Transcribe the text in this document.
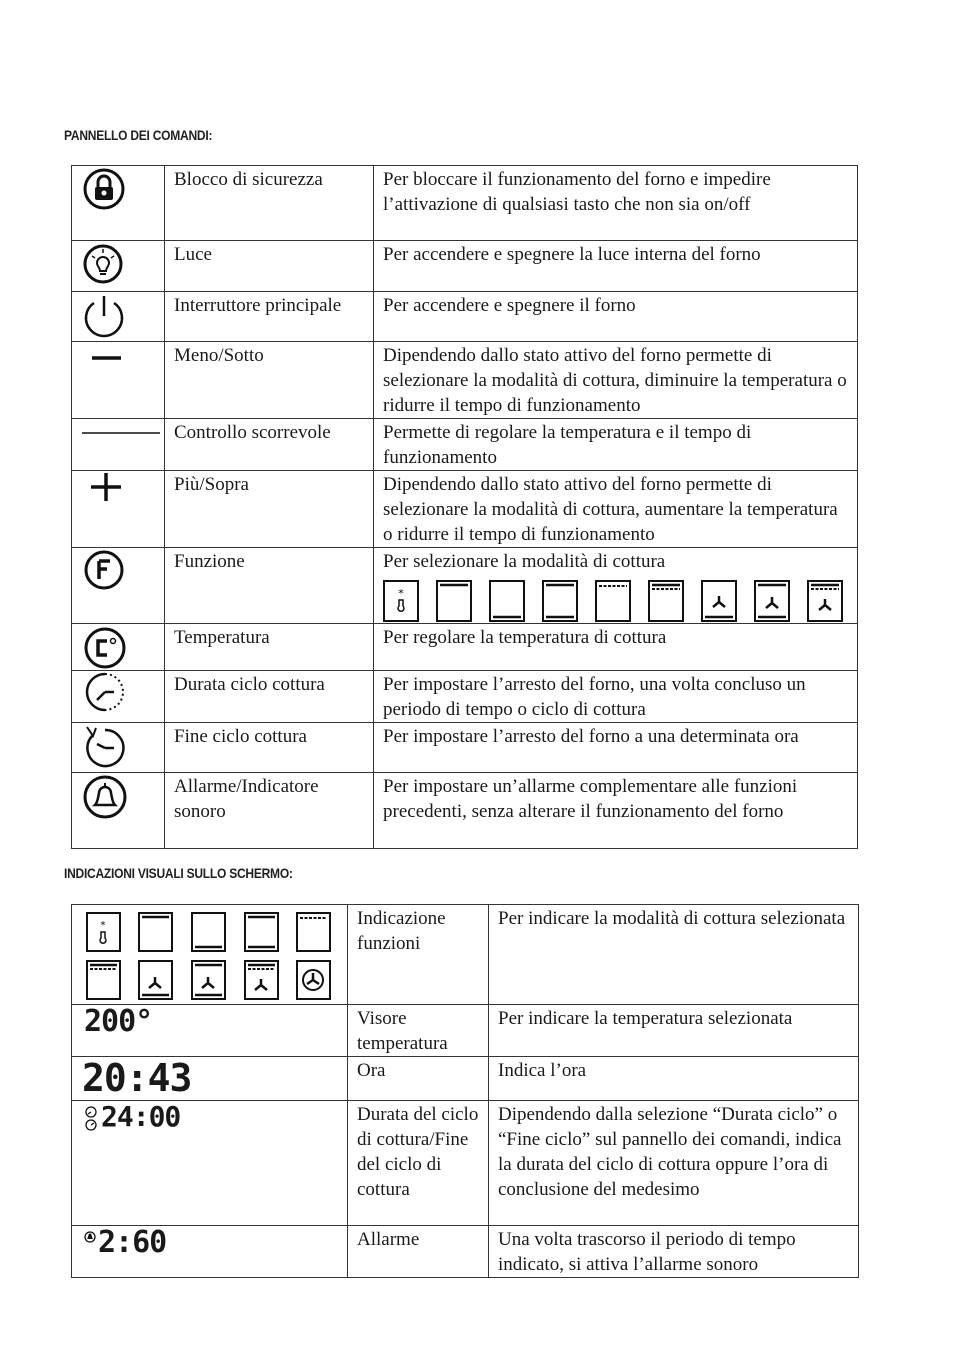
PANNELLO DEI COMANDI:
	Blocco di sicurezza	Per bloccare il funzionamento del forno e impedire l’attivazione di qualsiasi tasto che non sia on/off

	Luce	Per accendere e spegnere la luce interna del forno

	Interruttore principale	Per accendere e spegnere il forno

	Meno/Sotto	Dipendendo dallo stato attivo del forno permette di selezionare la modalità di cottura, diminuire la temperatura o ridurre il tempo di funzionamento

	Controllo scorrevole	Permette di regolare la temperatura e il tempo di funzionamento

	Più/Sopra	Dipendendo dallo stato attivo del forno permette di selezionare la modalità di cottura, aumentare la temperatura o ridurre il tempo di funzionamento

	Funzione	Per selezionare la modalità di cottura
*

	Temperatura	Per regolare la temperatura di cottura

	Durata ciclo cottura	Per impostare l’arresto del forno, una volta concluso un periodo di tempo o ciclo di cottura

	Fine ciclo cottura	Per impostare l’arresto del forno a una determinata ora

	Allarme/Indicatore sonoro	Per impostare un’allarme complementare alle funzioni precedenti, senza alterare il funzionamento del forno
INDICAZIONI VISUALI SULLO SCHERMO:
*	Indicazione funzioni	Per indicare la modalità di cottura selezionata
200°	Visore temperatura	Per indicare la temperatura selezionata
20:43	Ora	Indica l’ora

24:00	Durata del ciclo di cottura/Fine del ciclo di cottura	Dipendendo dalla selezione “Durata ciclo” o “Fine ciclo” sul pannello dei comandi, indica la durata del ciclo di cottura oppure l’ora di conclusione del medesimo

2:60	Allarme	Una volta trascorso il periodo di tempo indicato, si attiva l’allarme sonoro
